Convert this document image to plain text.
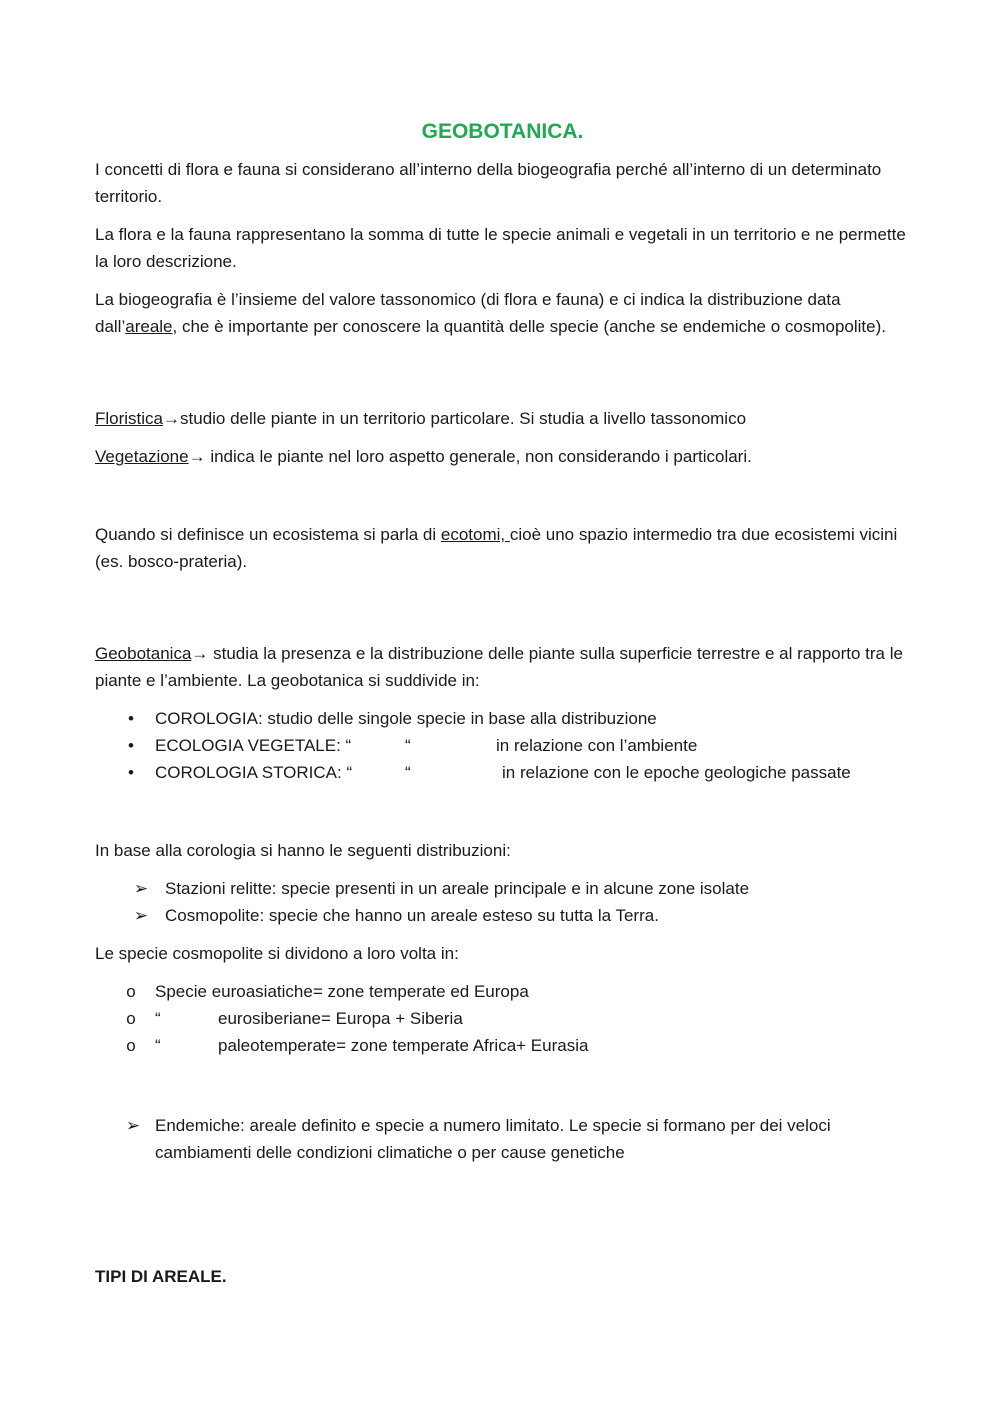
GEOBOTANICA.

I concetti di flora e fauna si considerano all’interno della biogeografia perché all’interno di un determinato territorio.

La flora e la fauna rappresentano la somma di tutte le specie animali e vegetali in un territorio e ne permette la loro descrizione.

La biogeografia è l’insieme del valore tassonomico (di flora e fauna) e ci indica la distribuzione data dall’areale, che è importante per conoscere la quantità delle specie (anche se endemiche o cosmopolite).

Floristica→studio delle piante in un territorio particolare. Si studia a livello tassonomico

Vegetazione→ indica le piante nel loro aspetto generale, non considerando i particolari.

Quando si definisce un ecosistema si parla di ecotomi, cioè uno spazio intermedio tra due ecosistemi vicini (es. bosco-prateria).

Geobotanica→ studia la presenza e la distribuzione delle piante sulla superficie terrestre e al rapporto tra le piante e l’ambiente. La geobotanica si suddivide in:

•	COROLOGIA: studio delle singole specie in base alla distribuzione
•	ECOLOGIA VEGETALE: “	“	in relazione con l’ambiente
•	COROLOGIA STORICA: “	“	in relazione con le epoche geologiche passate

In base alla corologia si hanno le seguenti distribuzioni:

➢ Stazioni relitte: specie presenti in un areale principale e in alcune zone isolate
➢ Cosmopolite: specie che hanno un areale esteso su tutta la Terra.

Le specie cosmopolite si dividono a loro volta in:

o	Specie euroasiatiche= zone temperate ed Europa
o	“	eurosiberiane= Europa + Siberia
o	“	paleotemperate= zone temperate Africa+ Eurasia
➢ Endemiche: areale definito e specie a numero limitato. Le specie si formano per dei veloci cambiamenti delle condizioni climatiche o per cause genetiche

TIPI DI AREALE.
